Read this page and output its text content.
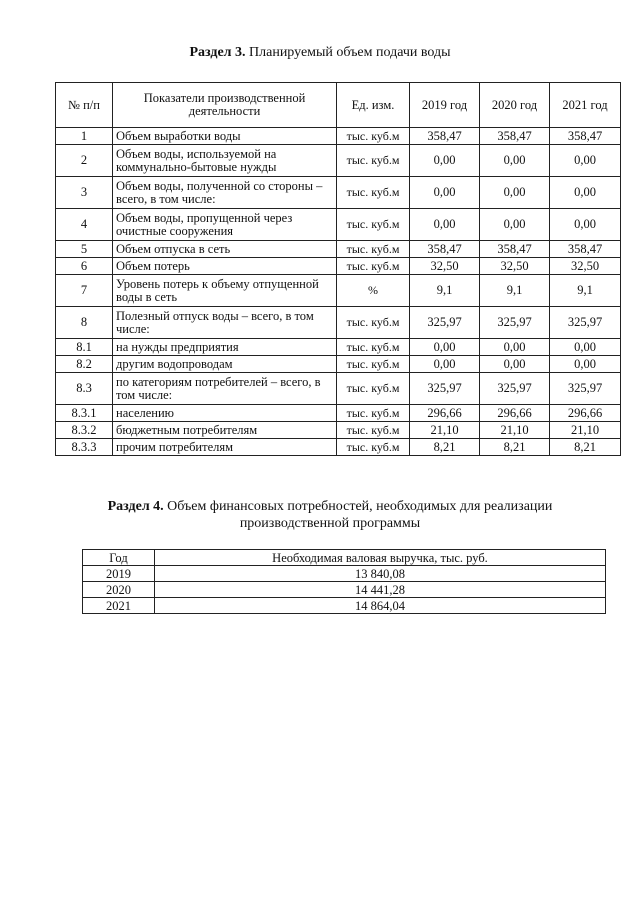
Раздел 3. Планируемый объем подачи воды
№ п/п	Показатели производственной деятельности	Ед. изм.	2019 год	2020 год	2021 год
1	Объем выработки воды	тыс. куб.м	358,47	358,47	358,47
2	Объем воды, используемой на коммунально-бытовые нужды	тыс. куб.м	0,00	0,00	0,00
3	Объем воды, полученной со стороны – всего, в том числе:	тыс. куб.м	0,00	0,00	0,00
4	Объем воды, пропущенной через очистные сооружения	тыс. куб.м	0,00	0,00	0,00
5	Объем отпуска в сеть	тыс. куб.м	358,47	358,47	358,47
6	Объем потерь	тыс. куб.м	32,50	32,50	32,50
7	Уровень потерь к объему отпущенной воды в сеть	%	9,1	9,1	9,1
8	Полезный отпуск воды – всего, в том числе:	тыс. куб.м	325,97	325,97	325,97
8.1	на нужды предприятия	тыс. куб.м	0,00	0,00	0,00
8.2	другим водопроводам	тыс. куб.м	0,00	0,00	0,00
8.3	по категориям потребителей – всего, в том числе:	тыс. куб.м	325,97	325,97	325,97
8.3.1	населению	тыс. куб.м	296,66	296,66	296,66
8.3.2	бюджетным потребителям	тыс. куб.м	21,10	21,10	21,10
8.3.3	прочим потребителям	тыс. куб.м	8,21	8,21	8,21
Раздел 4. Объем финансовых потребностей, необходимых для реализации производственной программы
Год	Необходимая валовая выручка, тыс. руб.
2019	13 840,08
2020	14 441,28
2021	14 864,04
